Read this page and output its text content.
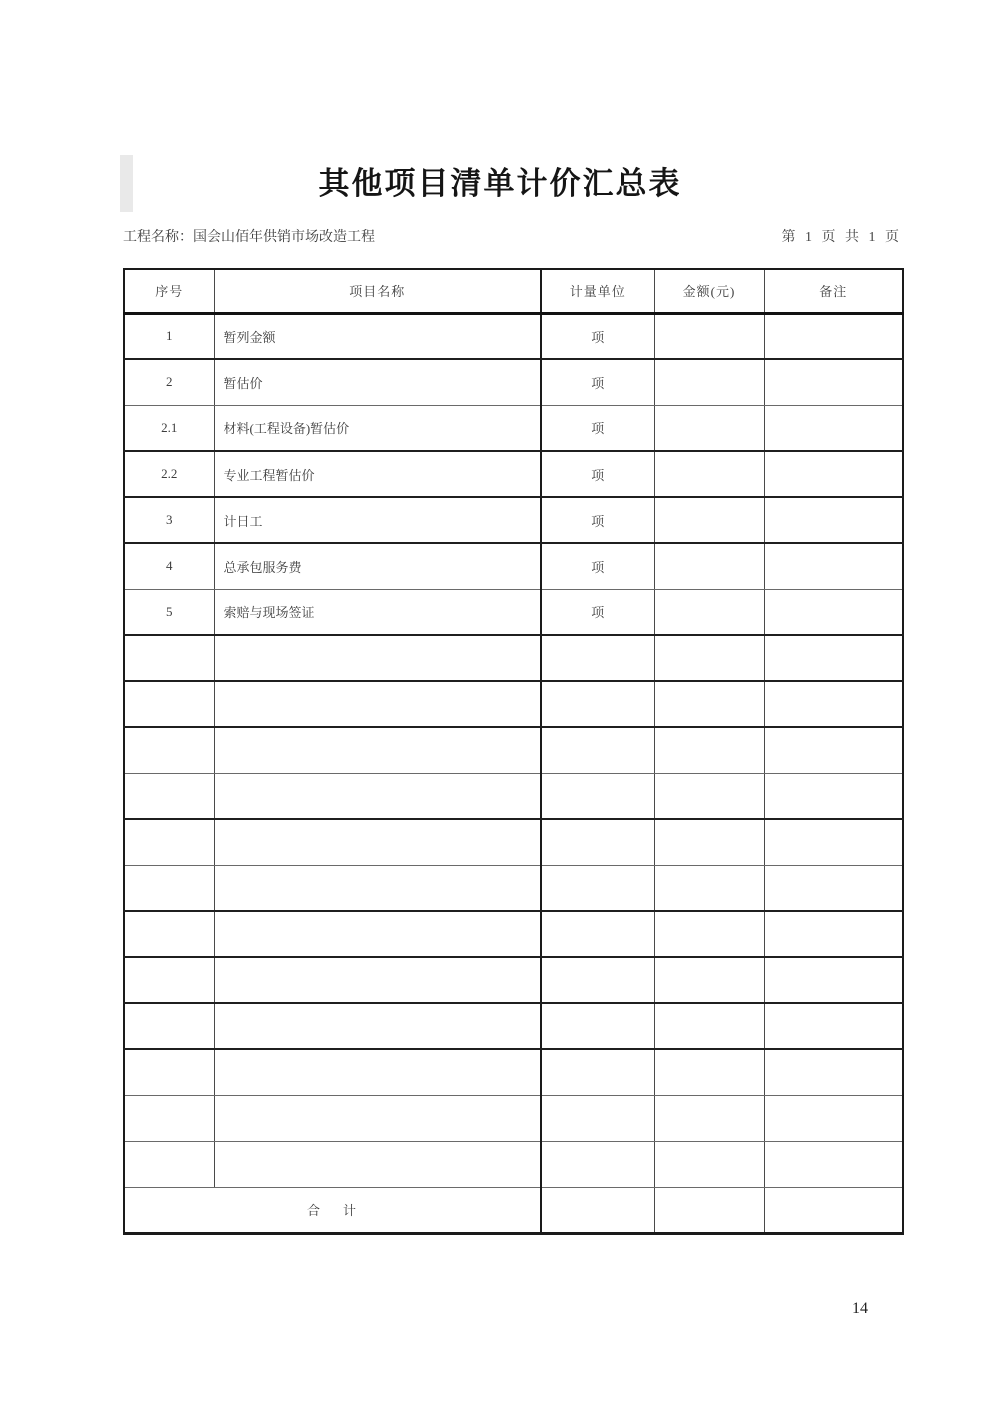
其他项目清单计价汇总表
工程名称：国会山佰年供销市场改造工程	第 1 页 共 1 页
序号	项目名称	计量单位	金额(元)	备注
1	暂列金额	项		
2	暂估价	项		
2.1	材料(工程设备)暂估价	项		
2.2	专业工程暂估价	项		
3	计日工	项		
4	总承包服务费	项		
5	索赔与现场签证	项		

合    计				
14
